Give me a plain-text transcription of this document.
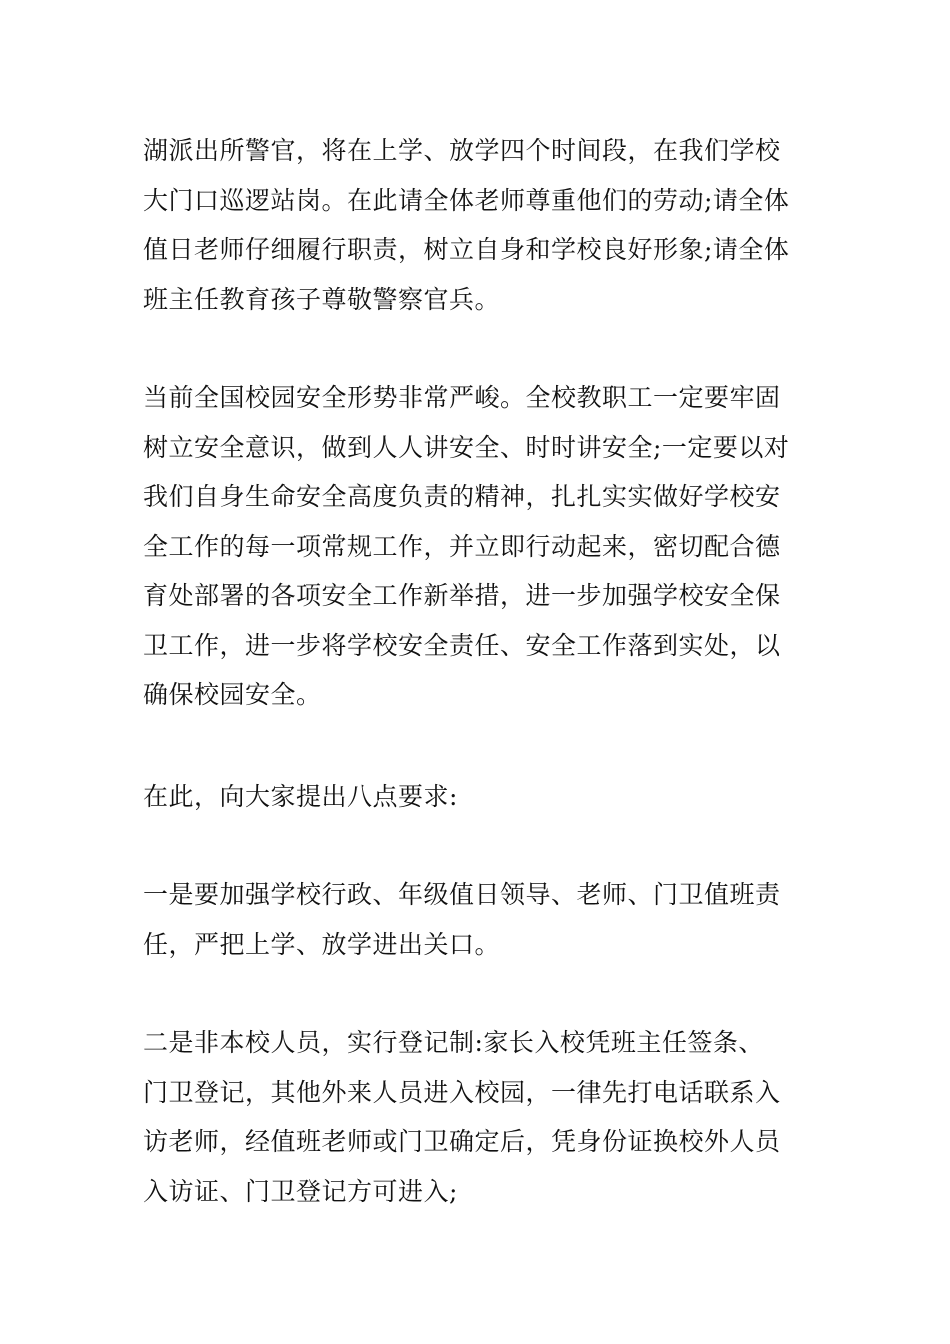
湖派出所警官，将在上学、放学四个时间段，在我们学校
大门口巡逻站岗。在此请全体老师尊重他们的劳动;请全体
值日老师仔细履行职责，树立自身和学校良好形象;请全体
班主任教育孩子尊敬警察官兵。
当前全国校园安全形势非常严峻。全校教职工一定要牢固
树立安全意识，做到人人讲安全、时时讲安全;一定要以对
我们自身生命安全高度负责的精神，扎扎实实做好学校安
全工作的每一项常规工作，并立即行动起来，密切配合德
育处部署的各项安全工作新举措，进一步加强学校安全保
卫工作，进一步将学校安全责任、安全工作落到实处，以
确保校园安全。
在此，向大家提出八点要求:
一是要加强学校行政、年级值日领导、老师、门卫值班责
任，严把上学、放学进出关口。
二是非本校人员，实行登记制:家长入校凭班主任签条、
门卫登记，其他外来人员进入校园，一律先打电话联系入
访老师，经值班老师或门卫确定后，凭身份证换校外人员
入访证、门卫登记方可进入;
